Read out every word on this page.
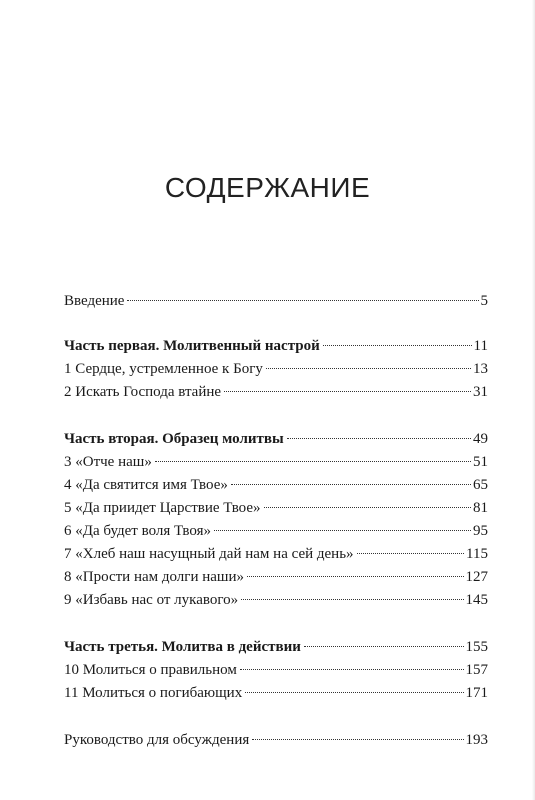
СОДЕРЖАНИЕ
Введение	5
Часть первая. Молитвенный настрой	11
1 Сердце, устремленное к Богу	13
2 Искать Господа втайне	31
Часть вторая. Образец молитвы	49
3 «Отче наш»	51
4 «Да святится имя Твое»	65
5 «Да приидет Царствие Твое»	81
6 «Да будет воля Твоя»	95
7 «Хлеб наш насущный дай нам на сей день»	115
8 «Прости нам долги наши»	127
9 «Избавь нас от лукавого»	145
Часть третья. Молитва в действии	155
10 Молиться о правильном	157
11 Молиться о погибающих	171
Руководство для обсуждения	193
